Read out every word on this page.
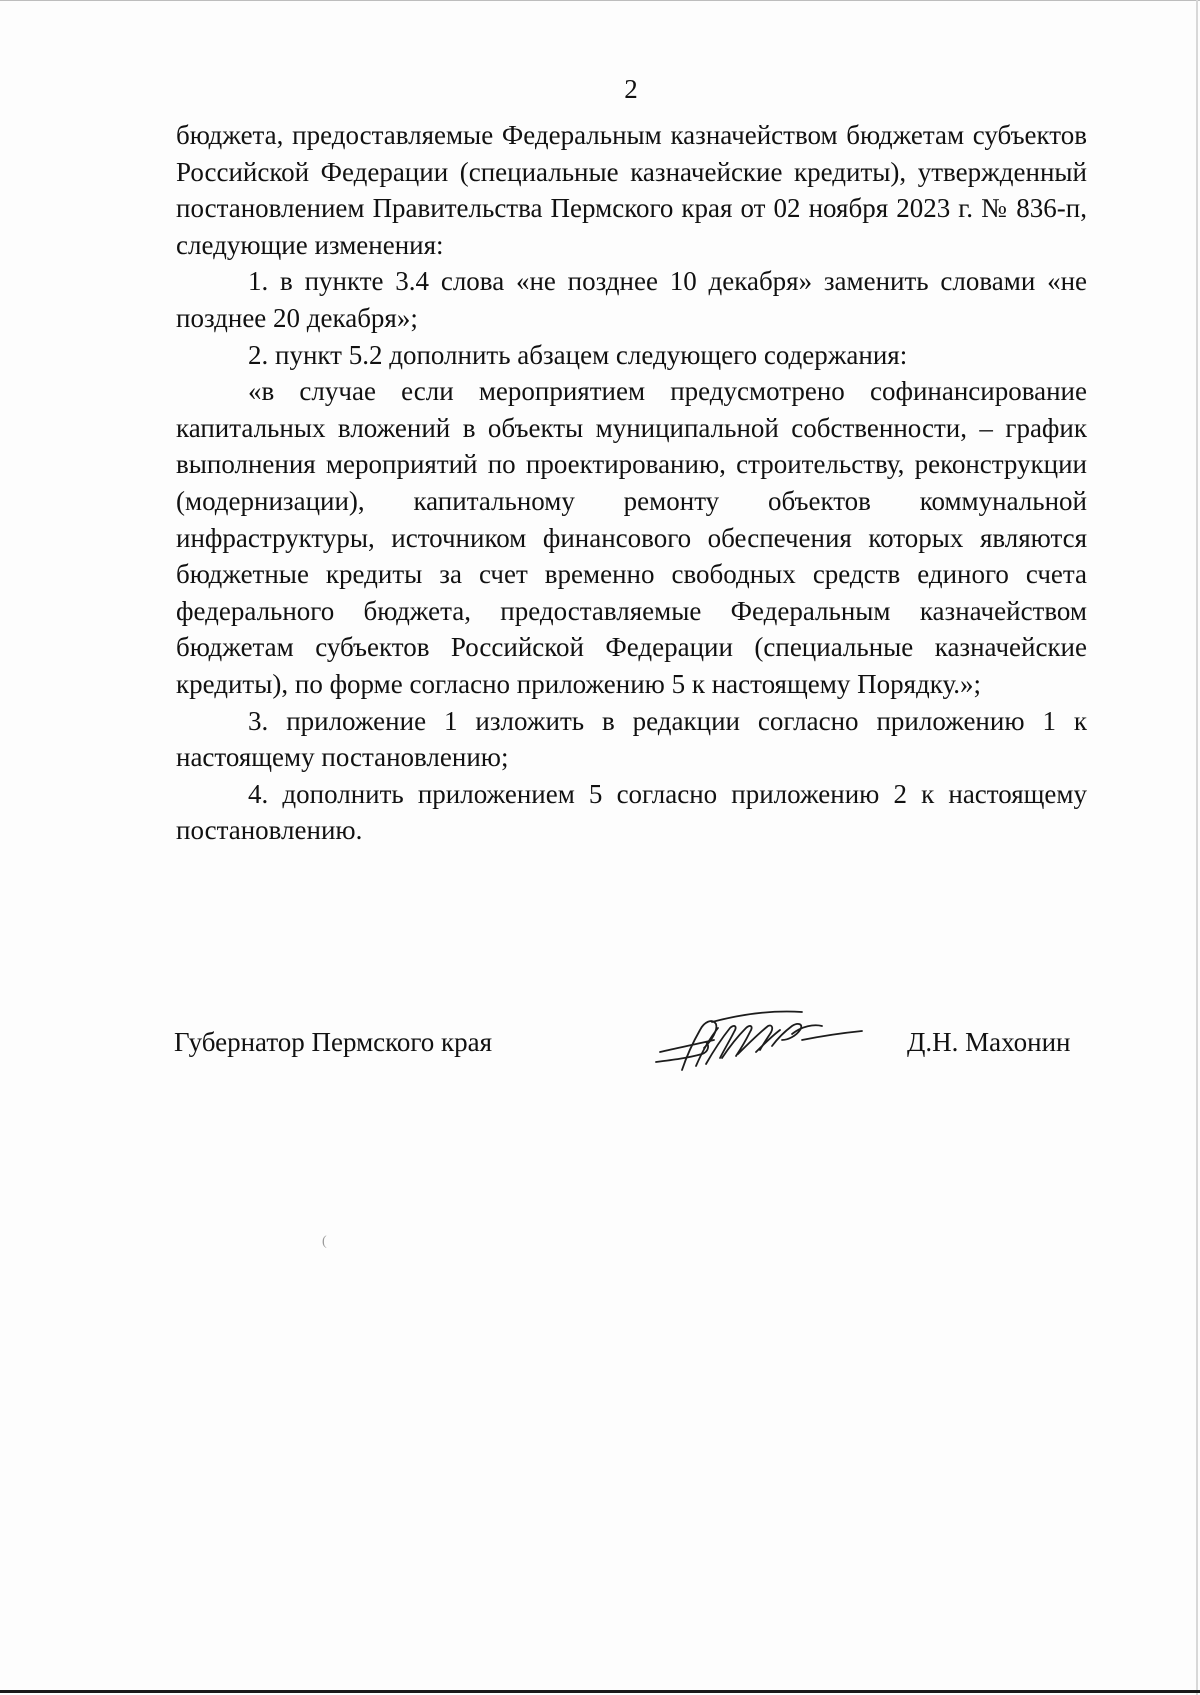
2

бюджета, предоставляемые Федеральным казначейством бюджетам субъектов Российской Федерации (специальные казначейские кредиты), утвержденный постановлением Правительства Пермского края от 02 ноября 2023 г. № 836-п, следующие изменения:

1. в пункте 3.4 слова «не позднее 10 декабря» заменить словами «не позднее 20 декабря»;

2. пункт 5.2 дополнить абзацем следующего содержания:

«в случае если мероприятием предусмотрено софинансирование капитальных вложений в объекты муниципальной собственности, – график выполнения мероприятий по проектированию, строительству, реконструкции (модернизации), капитальному ремонту объектов коммунальной инфраструктуры, источником финансового обеспечения которых являются бюджетные кредиты за счет временно свободных средств единого счета федерального бюджета, предоставляемые Федеральным казначейством бюджетам субъектов Российской Федерации (специальные казначейские кредиты), по форме согласно приложению 5 к настоящему Порядку.»;

3. приложение 1 изложить в редакции согласно приложению 1 к настоящему постановлению;

4. дополнить приложением 5 согласно приложению 2 к настоящему постановлению.

Губернатор Пермского края	Д.Н. Махонин
(
